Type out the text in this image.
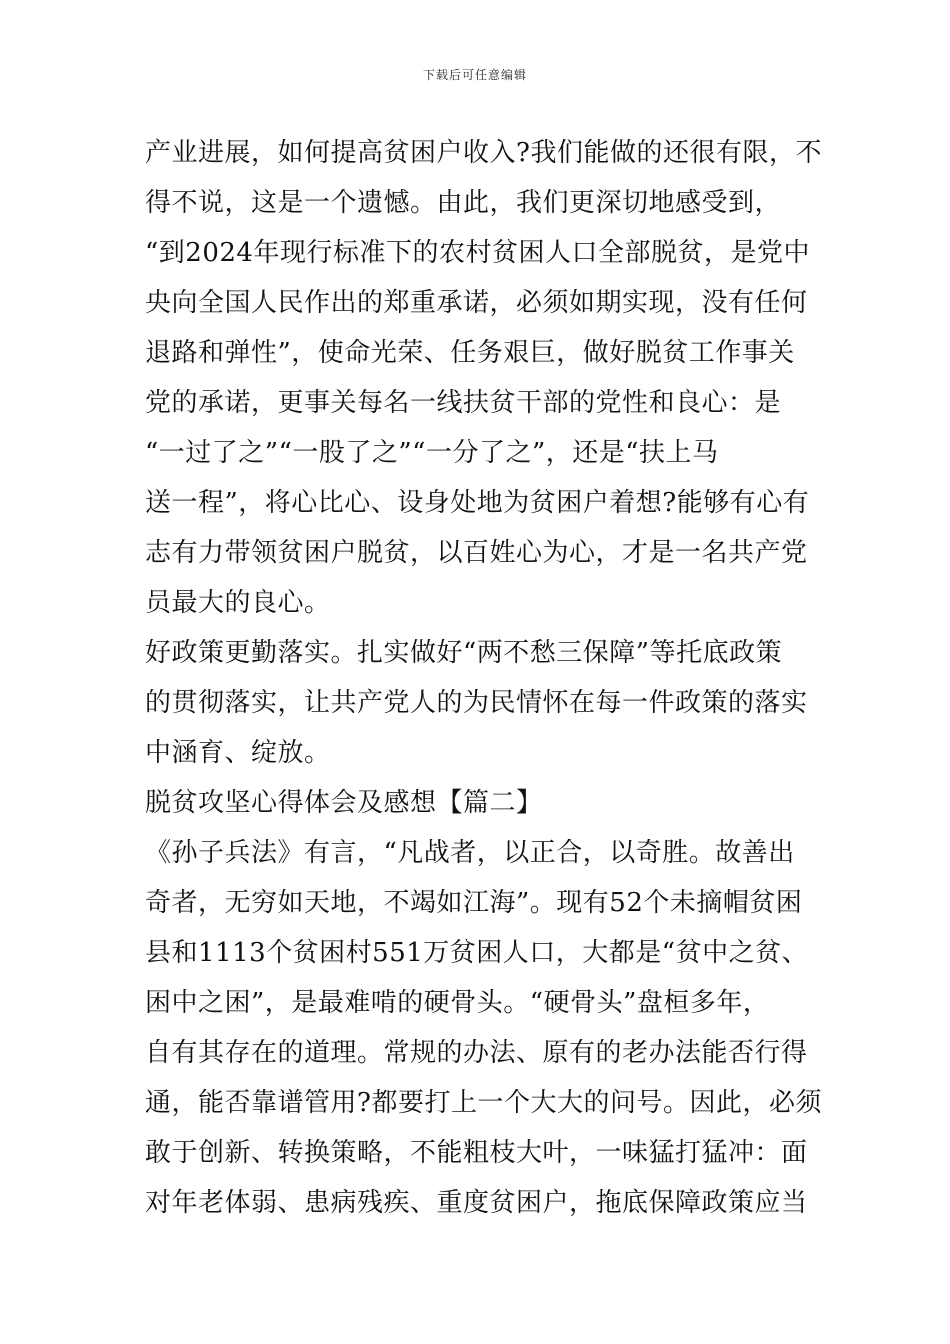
下载后可任意编辑
产业进展，如何提高贫困户收入?我们能做的还很有限，不
得不说，这是一个遗憾。由此，我们更深切地感受到，
“到2024年现行标准下的农村贫困人口全部脱贫，是党中
央向全国人民作出的郑重承诺，必须如期实现，没有任何
退路和弹性”，使命光荣、任务艰巨，做好脱贫工作事关
党的承诺，更事关每名一线扶贫干部的党性和良心：是
“一过了之”“一股了之”“一分了之”，还是“扶上马
送一程”，将心比心、设身处地为贫困户着想?能够有心有
志有力带领贫困户脱贫，以百姓心为心，才是一名共产党
员最大的良心。
好政策更勤落实。扎实做好“两不愁三保障”等托底政策
的贯彻落实，让共产党人的为民情怀在每一件政策的落实
中涵育、绽放。
脱贫攻坚心得体会及感想【篇二】
《孙子兵法》有言，“凡战者，以正合，以奇胜。故善出
奇者，无穷如天地，不竭如江海”。现有52个未摘帽贫困
县和1113个贫困村551万贫困人口，大都是“贫中之贫、
困中之困”，是最难啃的硬骨头。“硬骨头”盘桓多年，
自有其存在的道理。常规的办法、原有的老办法能否行得
通，能否靠谱管用?都要打上一个大大的问号。因此，必须
敢于创新、转换策略，不能粗枝大叶，一味猛打猛冲：面
对年老体弱、患病残疾、重度贫困户，拖底保障政策应当
